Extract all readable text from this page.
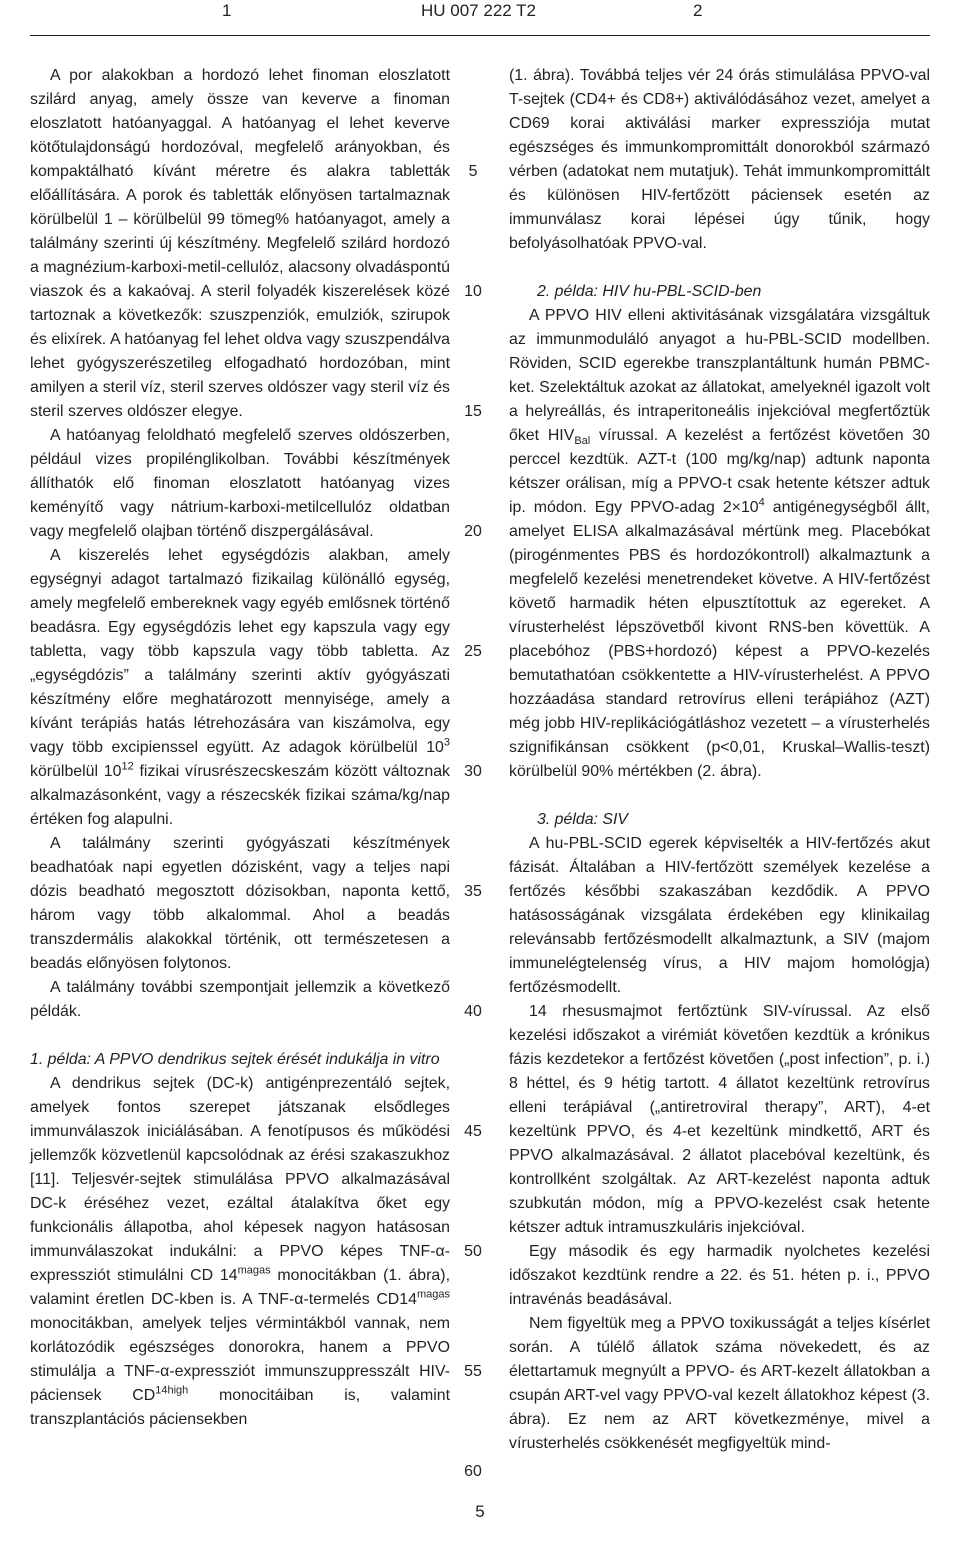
1	HU 007 222 T2	2

A por alakokban a hordozó lehet finoman eloszlatott szilárd anyag, amely össze van keverve a finoman eloszlatott hatóanyaggal. A hatóanyag el lehet keverve kötőtulajdonságú hordozóval, megfelelő arányokban, és kompaktálható kívánt méretre és alakra tabletták előállítására. A porok és tabletták előnyösen tartalmaznak körülbelül 1 – körülbelül 99 tömeg% hatóanyagot, amely a találmány szerinti új készítmény. Megfelelő szilárd hordozó a magnézium-karboxi-metil-cellulóz, alacsony olvadáspontú viaszok és a kakaóvaj. A steril folyadék kiszerelések közé tartoznak a következők: szuszpenziók, emulziók, szirupok és elixírek. A hatóanyag fel lehet oldva vagy szuszpendálva lehet gyógyszerészetileg elfogadható hordozóban, mint amilyen a steril víz, steril szerves oldószer vagy steril víz és steril szerves oldószer elegye.

A hatóanyag feloldható megfelelő szerves oldószerben, például vizes propilénglikolban. További készítmények állíthatók elő finoman eloszlatott hatóanyag vizes keményítő vagy nátrium-karboxi-metilcellulóz oldatban vagy megfelelő olajban történő diszpergálásával.

A kiszerelés lehet egységdózis alakban, amely egységnyi adagot tartalmazó fizikailag különálló egység, amely megfelelő embereknek vagy egyéb emlősnek történő beadásra. Egy egységdózis lehet egy kapszula vagy egy tabletta, vagy több kapszula vagy több tabletta. Az „egységdózis” a találmány szerinti aktív gyógyászati készítmény előre meghatározott mennyisége, amely a kívánt terápiás hatás létrehozására van kiszámolva, egy vagy több excipienssel együtt. Az adagok körülbelül $10^3$ körülbelül $10^{12}$ fizikai vírusrészecskeszám között változnak alkalmazásonként, vagy a részecskék fizikai száma/kg/nap értéken fog alapulni.

A találmány szerinti gyógyászati készítmények beadhatóak napi egyetlen dózisként, vagy a teljes napi dózis beadható megosztott dózisokban, naponta kettő, három vagy több alkalommal. Ahol a beadás transzdermális alakokkal történik, ott természetesen a beadás előnyösen folytonos.

A találmány további szempontjait jellemzik a következő példák.

1. példa: A PPVO dendrikus sejtek érését indukálja in vitro

A dendrikus sejtek (DC-k) antigénprezentáló sejtek, amelyek fontos szerepet játszanak elsődleges immunválaszok iniciálásában. A fenotípusos és működési jellemzők közvetlenül kapcsolódnak az érési szakaszukhoz [11]. Teljesvér-sejtek stimulálása PPVO alkalmazásával DC-k éréséhez vezet, ezáltal átalakítva őket egy funkcionális állapotba, ahol képesek nagyon hatásosan immunválaszokat indukálni: a PPVO képes TNF-α-expressziót stimulálni CD $14^{magas}$ monocitákban (1. ábra), valamint éretlen DC-kben is. A TNF-α-termelés $CD14^{magas}$ monocitákban, amelyek teljes vérmintákból vannak, nem korlátozódik egészséges donorokra, hanem a PPVO stimulálja a TNF-α-expressziót immunszuppresszált HIV-páciensek $CD^{14high}$ monocitáiban is, valamint transzplantációs páciensekben

5
10
15
20
25
30
35
40
45
50
55
60

(1. ábra). Továbbá teljes vér 24 órás stimulálása PPVO-val T-sejtek (CD4+ és CD8+) aktiválódásához vezet, amelyet a CD69 korai aktiválási marker expressziója mutat egészséges és immunkompromittált donorokból származó vérben (adatokat nem mutatjuk). Tehát immunkompromittált és különösen HIV-fertőzött páciensek esetén az immunválasz korai lépései úgy tűnik, hogy befolyásolhatóak PPVO-val.

2. példa: HIV hu-PBL-SCID-ben

A PPVO HIV elleni aktivitásának vizsgálatára vizsgáltuk az immunmoduláló anyagot a hu-PBL-SCID modellben. Röviden, SCID egerekbe transzplantáltunk humán PBMC-ket. Szelektáltuk azokat az állatokat, amelyeknél igazolt volt a helyreállás, és intraperitoneális injekcióval megfertőztük őket $HIV_{Bal}$ vírussal. A kezelést a fertőzést követően 30 perccel kezdtük. AZT-t (100 mg/kg/nap) adtunk naponta kétszer orálisan, míg a PPVO-t csak hetente kétszer adtuk ip. módon. Egy PPVO-adag $2\times 10^4$ antigénegységből állt, amelyet ELISA alkalmazásával mértünk meg. Placebókat (pirogénmentes PBS és hordozókontroll) alkalmaztunk a megfelelő kezelési menetrendeket követve. A HIV-fertőzést követő harmadik héten elpusztítottuk az egereket. A vírusterhelést lépszövetből kivont RNS-ben követtük. A placebóhoz (PBS+hordozó) képest a PPVO-kezelés bemutathatóan csökkentette a HIV-vírusterhelést. A PPVO hozzáadása standard retrovírus elleni terápiához (AZT) még jobb HIV-replikációgátláshoz vezetett – a vírusterhelés szignifikánsan csökkent (p<0,01, Kruskal–Wallis-teszt) körülbelül 90% mértékben (2. ábra).

3. példa: SIV

A hu-PBL-SCID egerek képviselték a HIV-fertőzés akut fázisát. Általában a HIV-fertőzött személyek kezelése a fertőzés későbbi szakaszában kezdődik. A PPVO hatásosságának vizsgálata érdekében egy klinikailag relevánsabb fertőzésmodellt alkalmaztunk, a SIV (majom immunelégtelenség vírus, a HIV majom homológja) fertőzésmodellt.

14 rhesusmajmot fertőztünk SIV-vírussal. Az első kezelési időszakot a virémiát követően kezdtük a krónikus fázis kezdetekor a fertőzést követően („post infection”, p. i.) 8 héttel, és 9 hétig tartott. 4 állatot kezeltünk retrovírus elleni terápiával („antiretroviral therapy”, ART), 4-et kezeltünk PPVO, és 4-et kezeltünk mindkettő, ART és PPVO alkalmazásával. 2 állatot placebóval kezeltünk, és kontrollként szolgáltak. Az ART-kezelést naponta adtuk szubkután módon, míg a PPVO-kezelést csak hetente kétszer adtuk intramuszkuláris injekcióval.

Egy második és egy harmadik nyolchetes kezelési időszakot kezdtünk rendre a 22. és 51. héten p. i., PPVO intravénás beadásával.

Nem figyeltük meg a PPVO toxikusságát a teljes kísérlet során. A túlélő állatok száma növekedett, és az élettartamuk megnyúlt a PPVO- és ART-kezelt állatokban a csupán ART-vel vagy PPVO-val kezelt állatokhoz képest (3. ábra). Ez nem az ART következménye, mivel a vírusterhelés csökkenését megfigyeltük mind-

5
